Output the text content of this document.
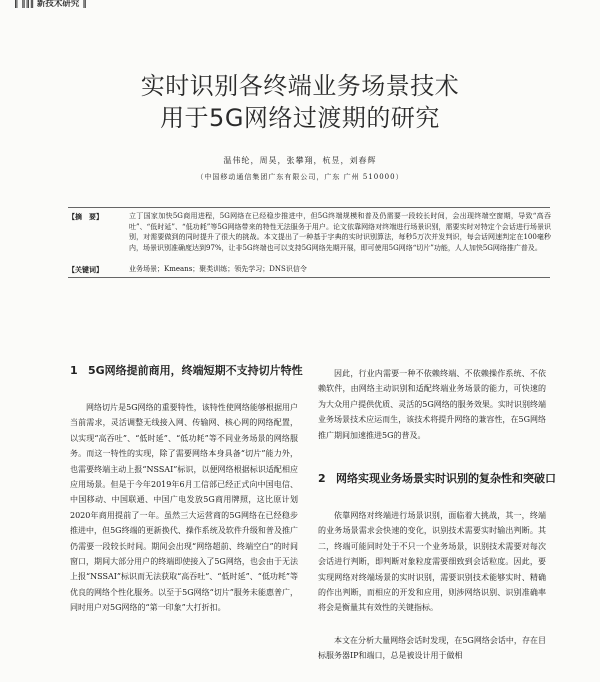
‖ ‖‖‖ 新技术研究 ‖
实时识别各终端业务场景技术
用于5G网络过渡期的研究
温伟纶，周昊，张攀翔，杭昱，刘春辉
（中国移动通信集团广东有限公司，广东 广州 510000）
【摘　要】	立丁国家加快5G商用进程，5G网络在已经稳步推进中，但5G终端规模和普及仍需要一段较长时间，会出现终端空窗期，导致“高吞吐”、“低时延”、“低功耗”等5G网络带来的特性无法服务于用户。论文依靠网络对终端进行场景识别，需要实时对特定个会话进行场景识别，对需要做到的同时提升了很大的挑战。本文提出了一种基于字典的实时识别算法，每秒5万次并发判识，每会话网速判定在100毫秒内，场景识别准确度达到97%，让非5G终端也可以支持5G网络先期开展，即可使用5G网络“切片”功能，人人加快5G网络推广普及。
【关键词】	业务场景；Kmeans；聚类训练；领先学习；DNS识信令
1 5G网络提前商用，终端短期不支持切片特性
网络切片是5G网络的重要特性，该特性使网络能够根据用户当前需求，灵活调整无线接入网、传输网、核心网的网络配置，以实现“高吞吐”、“低时延”、“低功耗”等不同业务场景的网络服务。而这一特性的实现，除了需要网络本身具备“切片”能力外，也需要终端主动上报“NSSAI”标识，以便网络根据标识适配相应应用场景。但是于今年2019年6月工信部已经正式向中国电信、中国移动、中国联通、中国广电发放5G商用牌照，这比原计划2020年商用提前了一年。虽然三大运营商的5G网络在已经稳步推进中，但5G终端的更新换代、操作系统及软件升级和普及推广仍需要一段较长时间。期间会出现“网络超前、终端空白”的时间窗口，期间大部分用户的终端即使接入了5G网络，也会由于无法上报“NSSAI”标识而无法获取“高吞吐”、“低时延”、“低功耗”等优良的网络个性化服务。以至于5G网络“切片”服务未能惠普广，同时用户对5G网络的“第一印象”大打折扣。
因此，行业内需要一种不依赖终端、不依赖操作系统、不依赖软件，由网络主动识别和适配终端业务场景的能力，可快速的为大众用户提供优质、灵活的5G网络的服务效果。实时识别终端业务场景技术应运而生，该技术将提升网络的兼容性，在5G网络推广期间加速推进5G的普及。
2 网络实现业务场景实时识别的复杂性和突破口
依靠网络对终端进行场景识别，面临着大挑战，其一，终端的业务场景需求会快速的变化，识别技术需要实时输出判断。其二，终端可能同时处于不只一个业务场景，识别技术需要对每次会话进行判断，即判断对象粒度需要细致到会话粒度。因此，要实现网络对终端场景的实时识别，需要识别技术能够实时、精确的作出判断，而相应的开发和应用，则涉网络识别、识别准确率将会是衡量其有效性的关键指标。
本文在分析大量网络会话时发现，在5G网络会话中，存在目标服务器IP和端口，总是被设计用于做相
